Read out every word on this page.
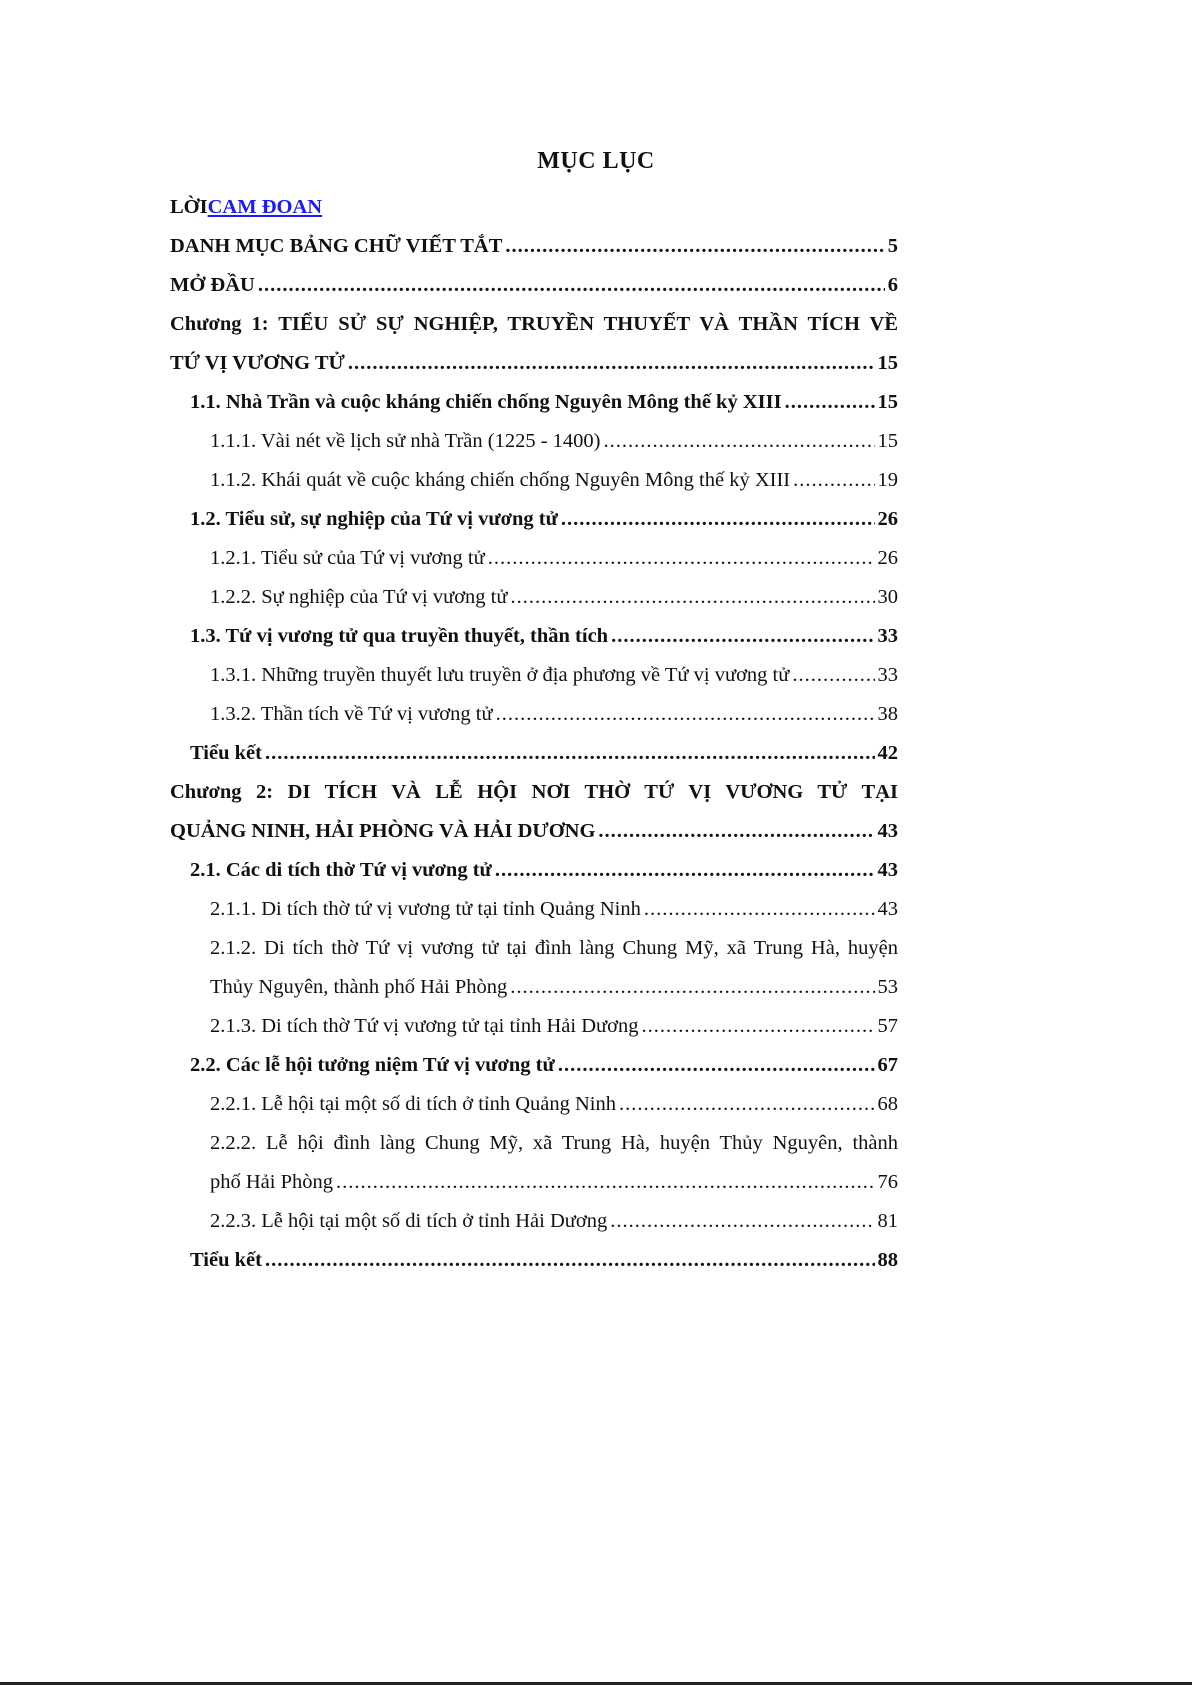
MỤC LỤC
LỜI CAM ĐOAN
DANH MỤC BẢNG CHỮ VIẾT TẮT .....	5
MỞ ĐẦU .....	6
Chương 1: TIỂU SỬ SỰ NGHIỆP, TRUYỀN THUYẾT VÀ THẦN TÍCH VỀ
TỨ VỊ VƯƠNG TỬ .....	15
1.1. Nhà Trần và cuộc kháng chiến chống Nguyên Mông thế kỷ XIII .....	15
1.1.1. Vài nét về lịch sử nhà Trần (1225 - 1400) .....	15
1.1.2. Khái quát về cuộc kháng chiến chống Nguyên Mông thế kỷ XIII .....	19
1.2. Tiểu sử, sự nghiệp của Tứ vị vương tử .....	26
1.2.1. Tiểu sử của Tứ vị vương tử .....	26
1.2.2. Sự nghiệp của Tứ vị vương tử .....	30
1.3. Tứ vị vương tử qua truyền thuyết, thần tích .....	33
1.3.1. Những truyền thuyết lưu truyền ở địa phương về Tứ vị vương tử .....	33
1.3.2. Thần tích về Tứ vị vương tử .....	38
Tiểu kết .....	42
Chương 2: DI TÍCH VÀ LỄ HỘI NƠI THỜ TỨ VỊ VƯƠNG TỬ TẠI
QUẢNG NINH, HẢI PHÒNG VÀ HẢI DƯƠNG .....	43
2.1. Các di tích thờ Tứ vị vương tử .....	43
2.1.1. Di tích thờ tứ vị vương tử tại tỉnh Quảng Ninh .....	43
2.1.2. Di tích thờ Tứ vị vương tử tại đình làng Chung Mỹ, xã Trung Hà, huyện
Thủy Nguyên, thành phố Hải Phòng .....	53
2.1.3. Di tích thờ Tứ vị vương tử tại tỉnh Hải Dương .....	57
2.2. Các lễ hội tưởng niệm Tứ vị vương tử .....	67
2.2.1. Lễ hội tại một số di tích ở tỉnh Quảng Ninh .....	68
2.2.2. Lễ hội đình làng Chung Mỹ, xã Trung Hà, huyện Thủy Nguyên, thành
phố Hải Phòng .....	76
2.2.3. Lễ hội tại một số di tích ở tỉnh Hải Dương .....	81
Tiểu kết .....	88
